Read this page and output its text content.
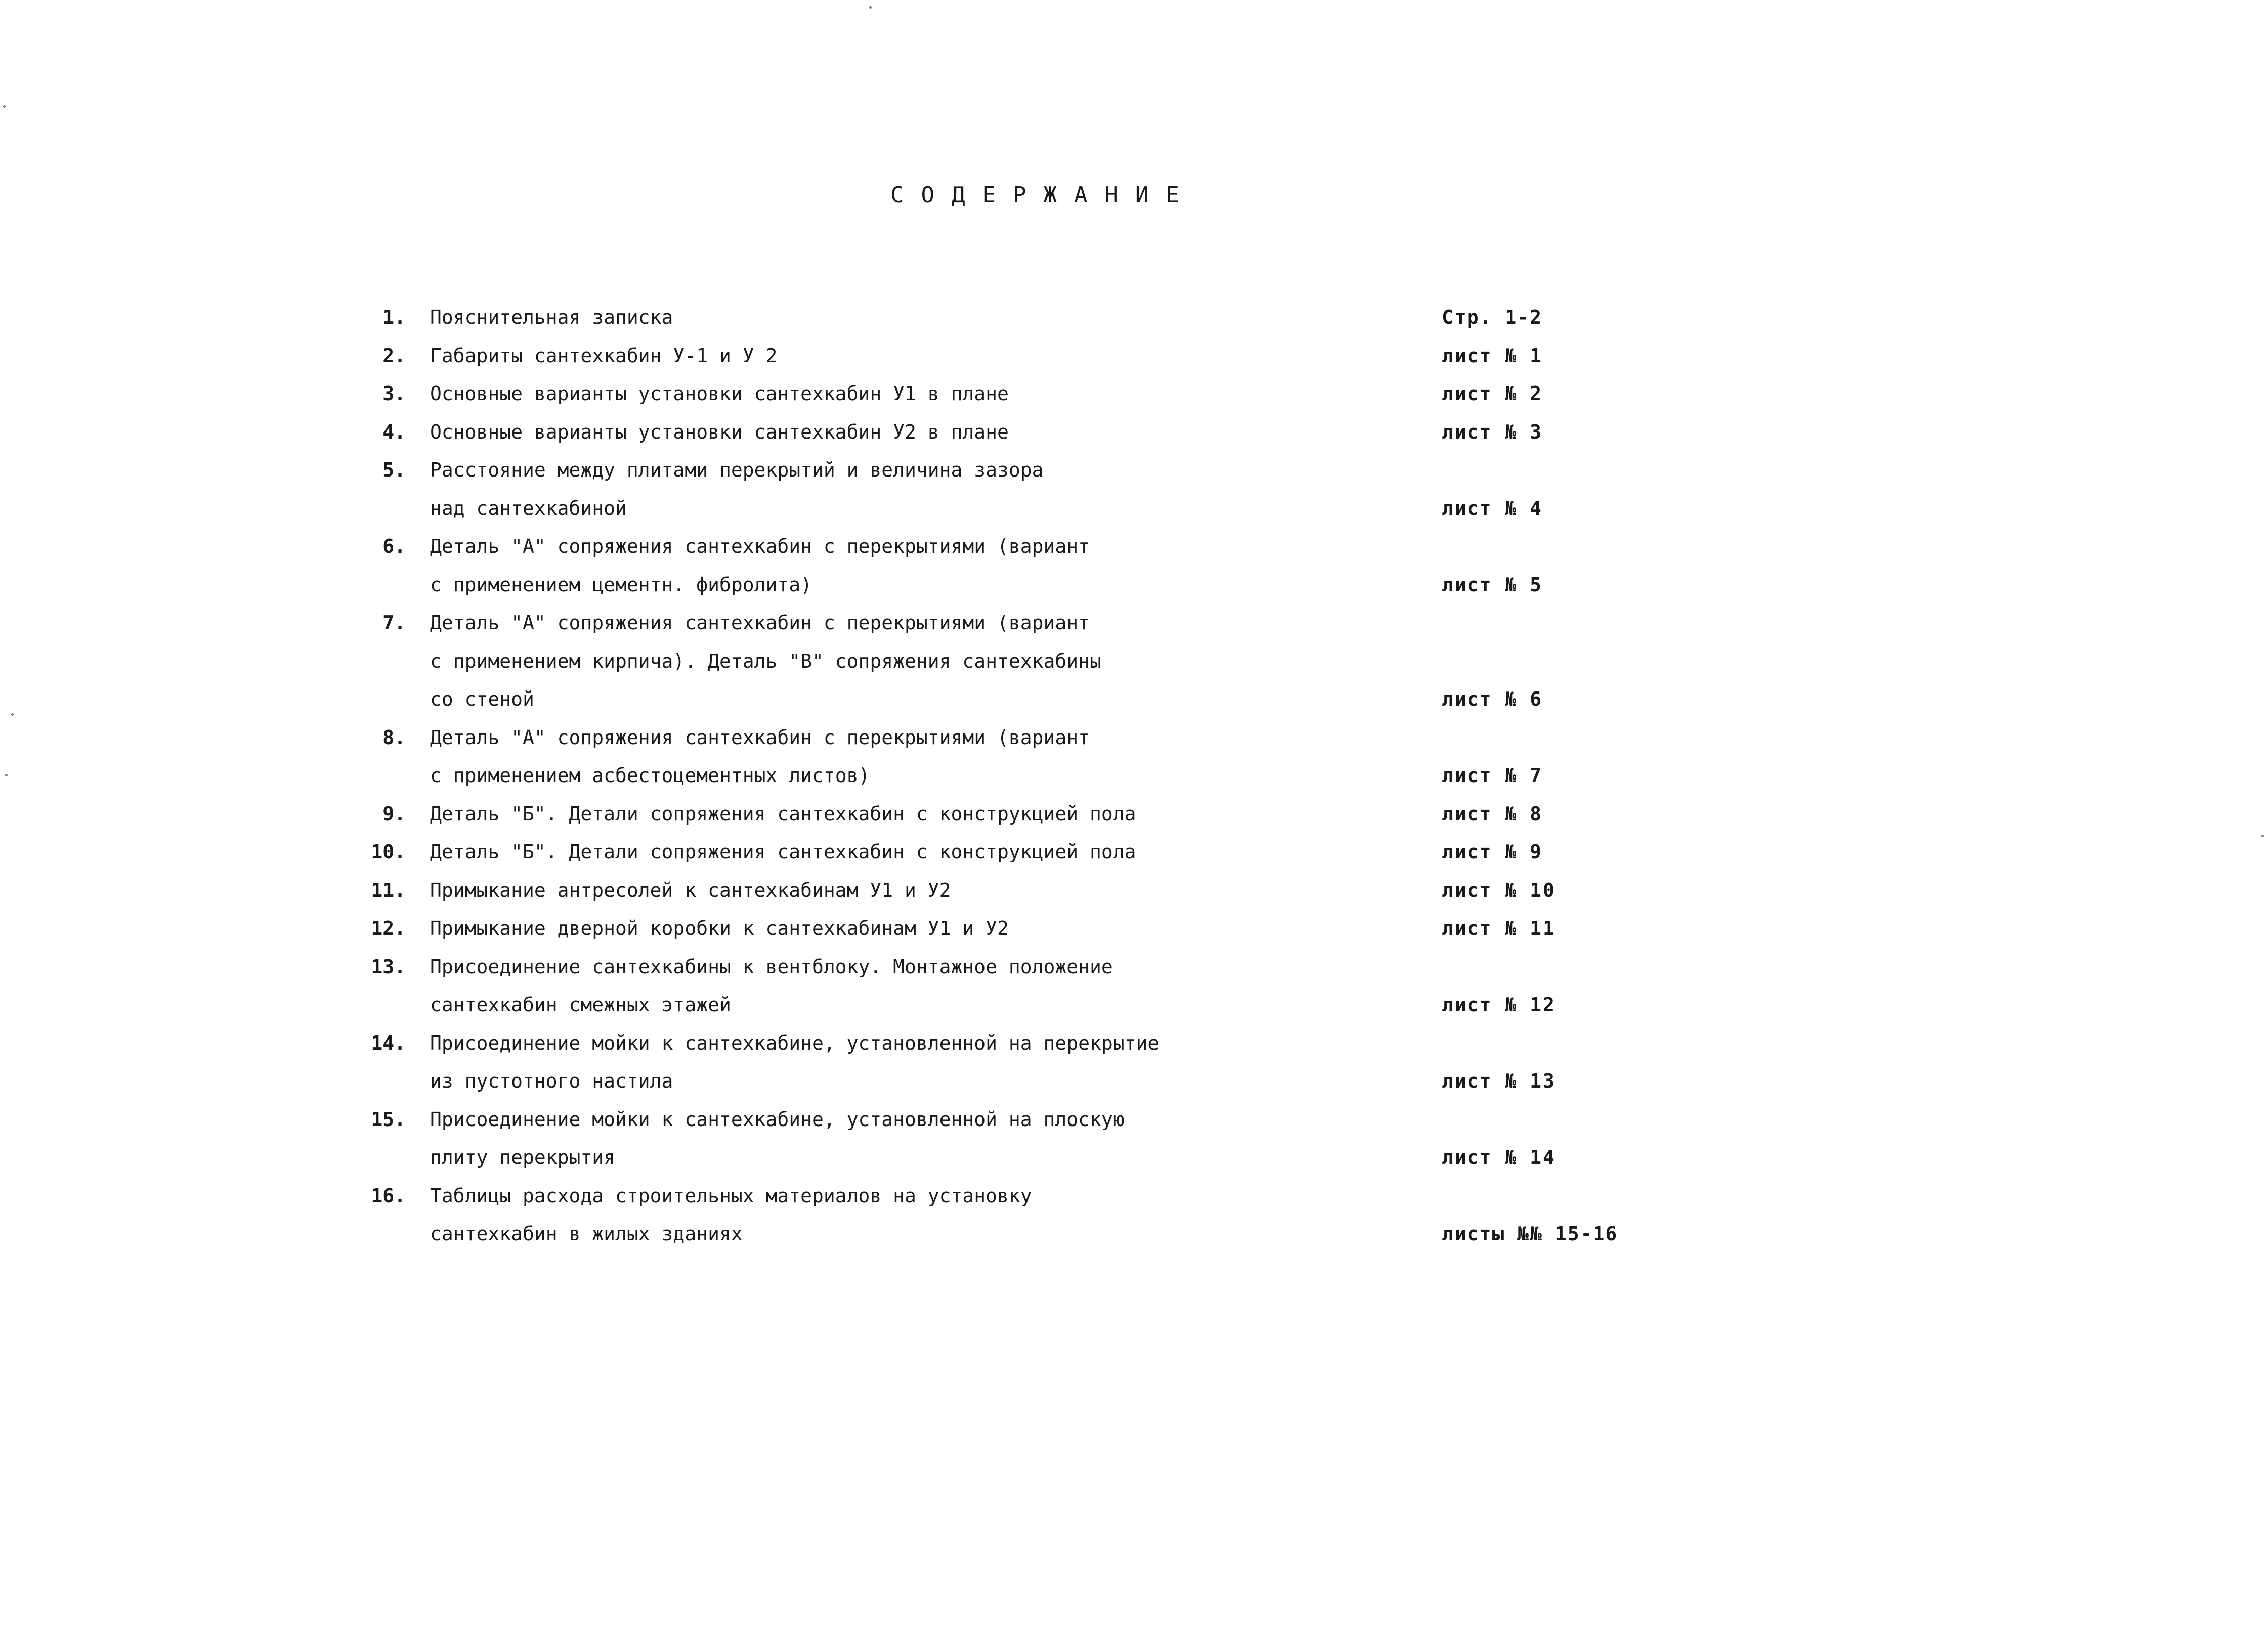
СОДЕРЖАНИЕ
1. Пояснительная записка	Стр. 1-2
2. Габариты сантехкабин У-1 и У 2	лист № 1
3. Основные варианты установки сантехкабин У1 в плане	лист № 2
4. Основные варианты установки сантехкабин У2 в плане	лист № 3
5. Расстояние между плитами перекрытий и величина зазора
над сантехкабиной	лист № 4
6. Деталь "А" сопряжения сантехкабин с перекрытиями (вариант
с применением цементн. фибролита)	лист № 5
7. Деталь "А" сопряжения сантехкабин с перекрытиями (вариант
с применением кирпича). Деталь "В" сопряжения сантехкабины
со стеной	лист № 6
8. Деталь "А" сопряжения сантехкабин с перекрытиями (вариант
с применением асбестоцементных листов)	лист № 7
9. Деталь "Б". Детали сопряжения сантехкабин с конструкцией пола	лист № 8
10. Деталь "Б". Детали сопряжения сантехкабин с конструкцией пола	лист № 9
11. Примыкание антресолей к сантехкабинам У1 и У2	лист № 10
12. Примыкание дверной коробки к сантехкабинам У1 и У2	лист № 11
13. Присоединение сантехкабины к вентблоку. Монтажное положение
сантехкабин смежных этажей	лист № 12
14. Присоединение мойки к сантехкабине, установленной на перекрытие
из пустотного настила	лист № 13
15. Присоединение мойки к сантехкабине, установленной на плоскую
плиту перекрытия	лист № 14
16. Таблицы расхода строительных материалов на установку
сантехкабин в жилых зданиях	листы №№ 15-16
